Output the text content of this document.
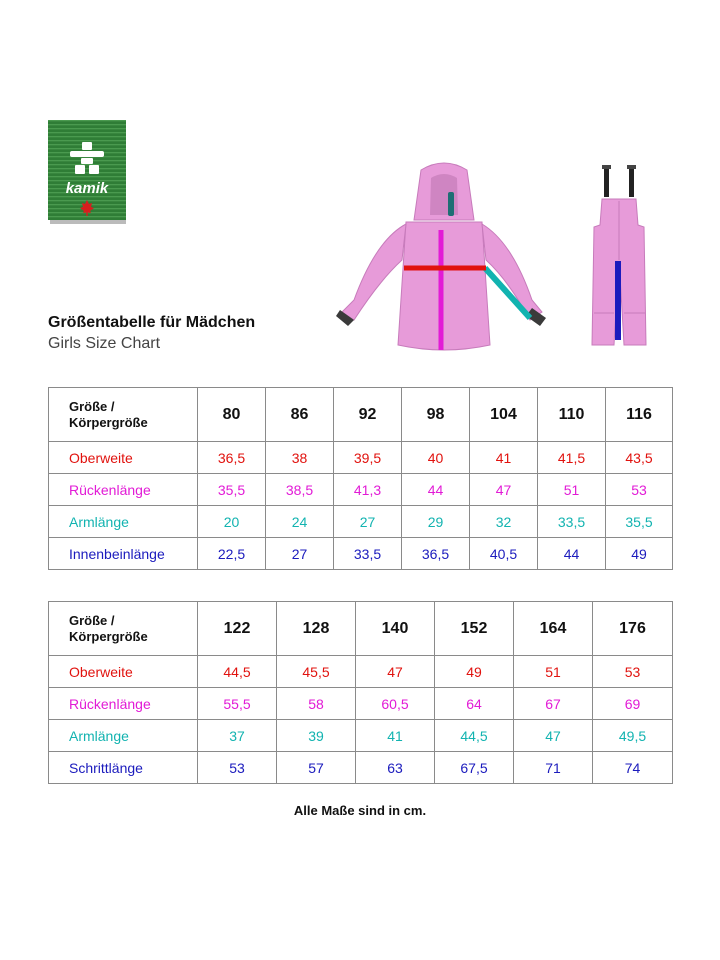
kamik
Größentabelle für Mädchen
Girls Size Chart
Größe /
Körpergröße	80	86	92	98	104	110	116
Oberweite	36,5	38	39,5	40	41	41,5	43,5
Rückenlänge	35,5	38,5	41,3	44	47	51	53
Armlänge	20	24	27	29	32	33,5	35,5
Innenbeinlänge	22,5	27	33,5	36,5	40,5	44	49
Größe /
Körpergröße	122	128	140	152	164	176
Oberweite	44,5	45,5	47	49	51	53
Rückenlänge	55,5	58	60,5	64	67	69
Armlänge	37	39	41	44,5	47	49,5
Schrittlänge	53	57	63	67,5	71	74
Alle Maße sind in cm.
